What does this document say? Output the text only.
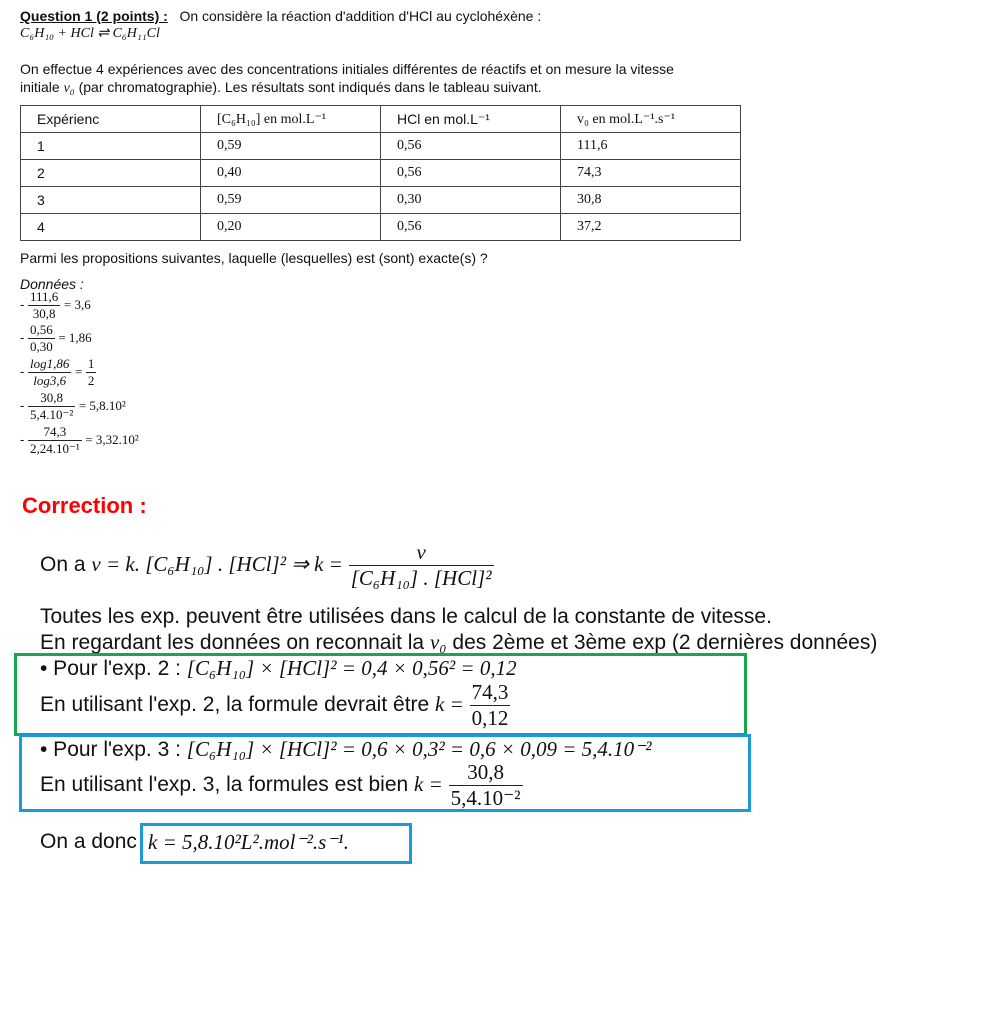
Question 1 (2 points) : On considère la réaction d'addition d'HCl au cyclohéxène :
C₆H₁₀ + HCl ⇌ C₆H₁₁Cl
On effectue 4 expériences avec des concentrations initiales différentes de réactifs et on mesure la vitesse
initiale v₀ (par chromatographie). Les résultats sont indiqués dans le tableau suivant.
Expérienc	[C₆H₁₀] en mol.L⁻¹	HCl en mol.L⁻¹	v₀ en mol.L⁻¹.s⁻¹
1	0,59	0,56	111,6
2	0,40	0,56	74,3
3	0,59	0,30	30,8
4	0,20	0,56	37,2
Parmi les propositions suivantes, laquelle (lesquelles) est (sont) exacte(s) ?
Données :
- $\frac{111,6}{30,8} = 3,6$
- $\frac{0,56}{0,30} = 1,86$
- $\frac{\log 1,86}{\log 3,6} = \frac{1}{2}$
- $\frac{30,8}{\text{5,4.10⁻²}} = 5,8.10^2$
- $\frac{74,3}{\text{2,24.10⁻¹}} = 3,32.10^2$
Correction :
On a v = k. [C₆H₁₀] . [HCl]² ⇒ $k = \frac{v}{\text{[C₆H₁₀] . [HCl]²}}$
Toutes les exp. peuvent être utilisées dans le calcul de la constante de vitesse.
En regardant les données on reconnait la v₀ des 2ème et 3ème exp (2 dernières données)
• Pour l'exp. 2 : [C₆H₁₀] × [HCl]² = 0,4 × 0,56² = 0,12
En utilisant l'exp. 2, la formule devrait être $k = \frac{74,3}{0,12}$
• Pour l'exp. 3 : [C₆H₁₀] × [HCl]² = 0,6 × 0,3² = 0,6 × 0,09 = 5,4.10⁻²
En utilisant l'exp. 3, la formules est bien $k = \frac{30,8}{\text{5,4.10⁻²}}$
On a donc k = 5,8.10²L².mol⁻².s⁻¹.
